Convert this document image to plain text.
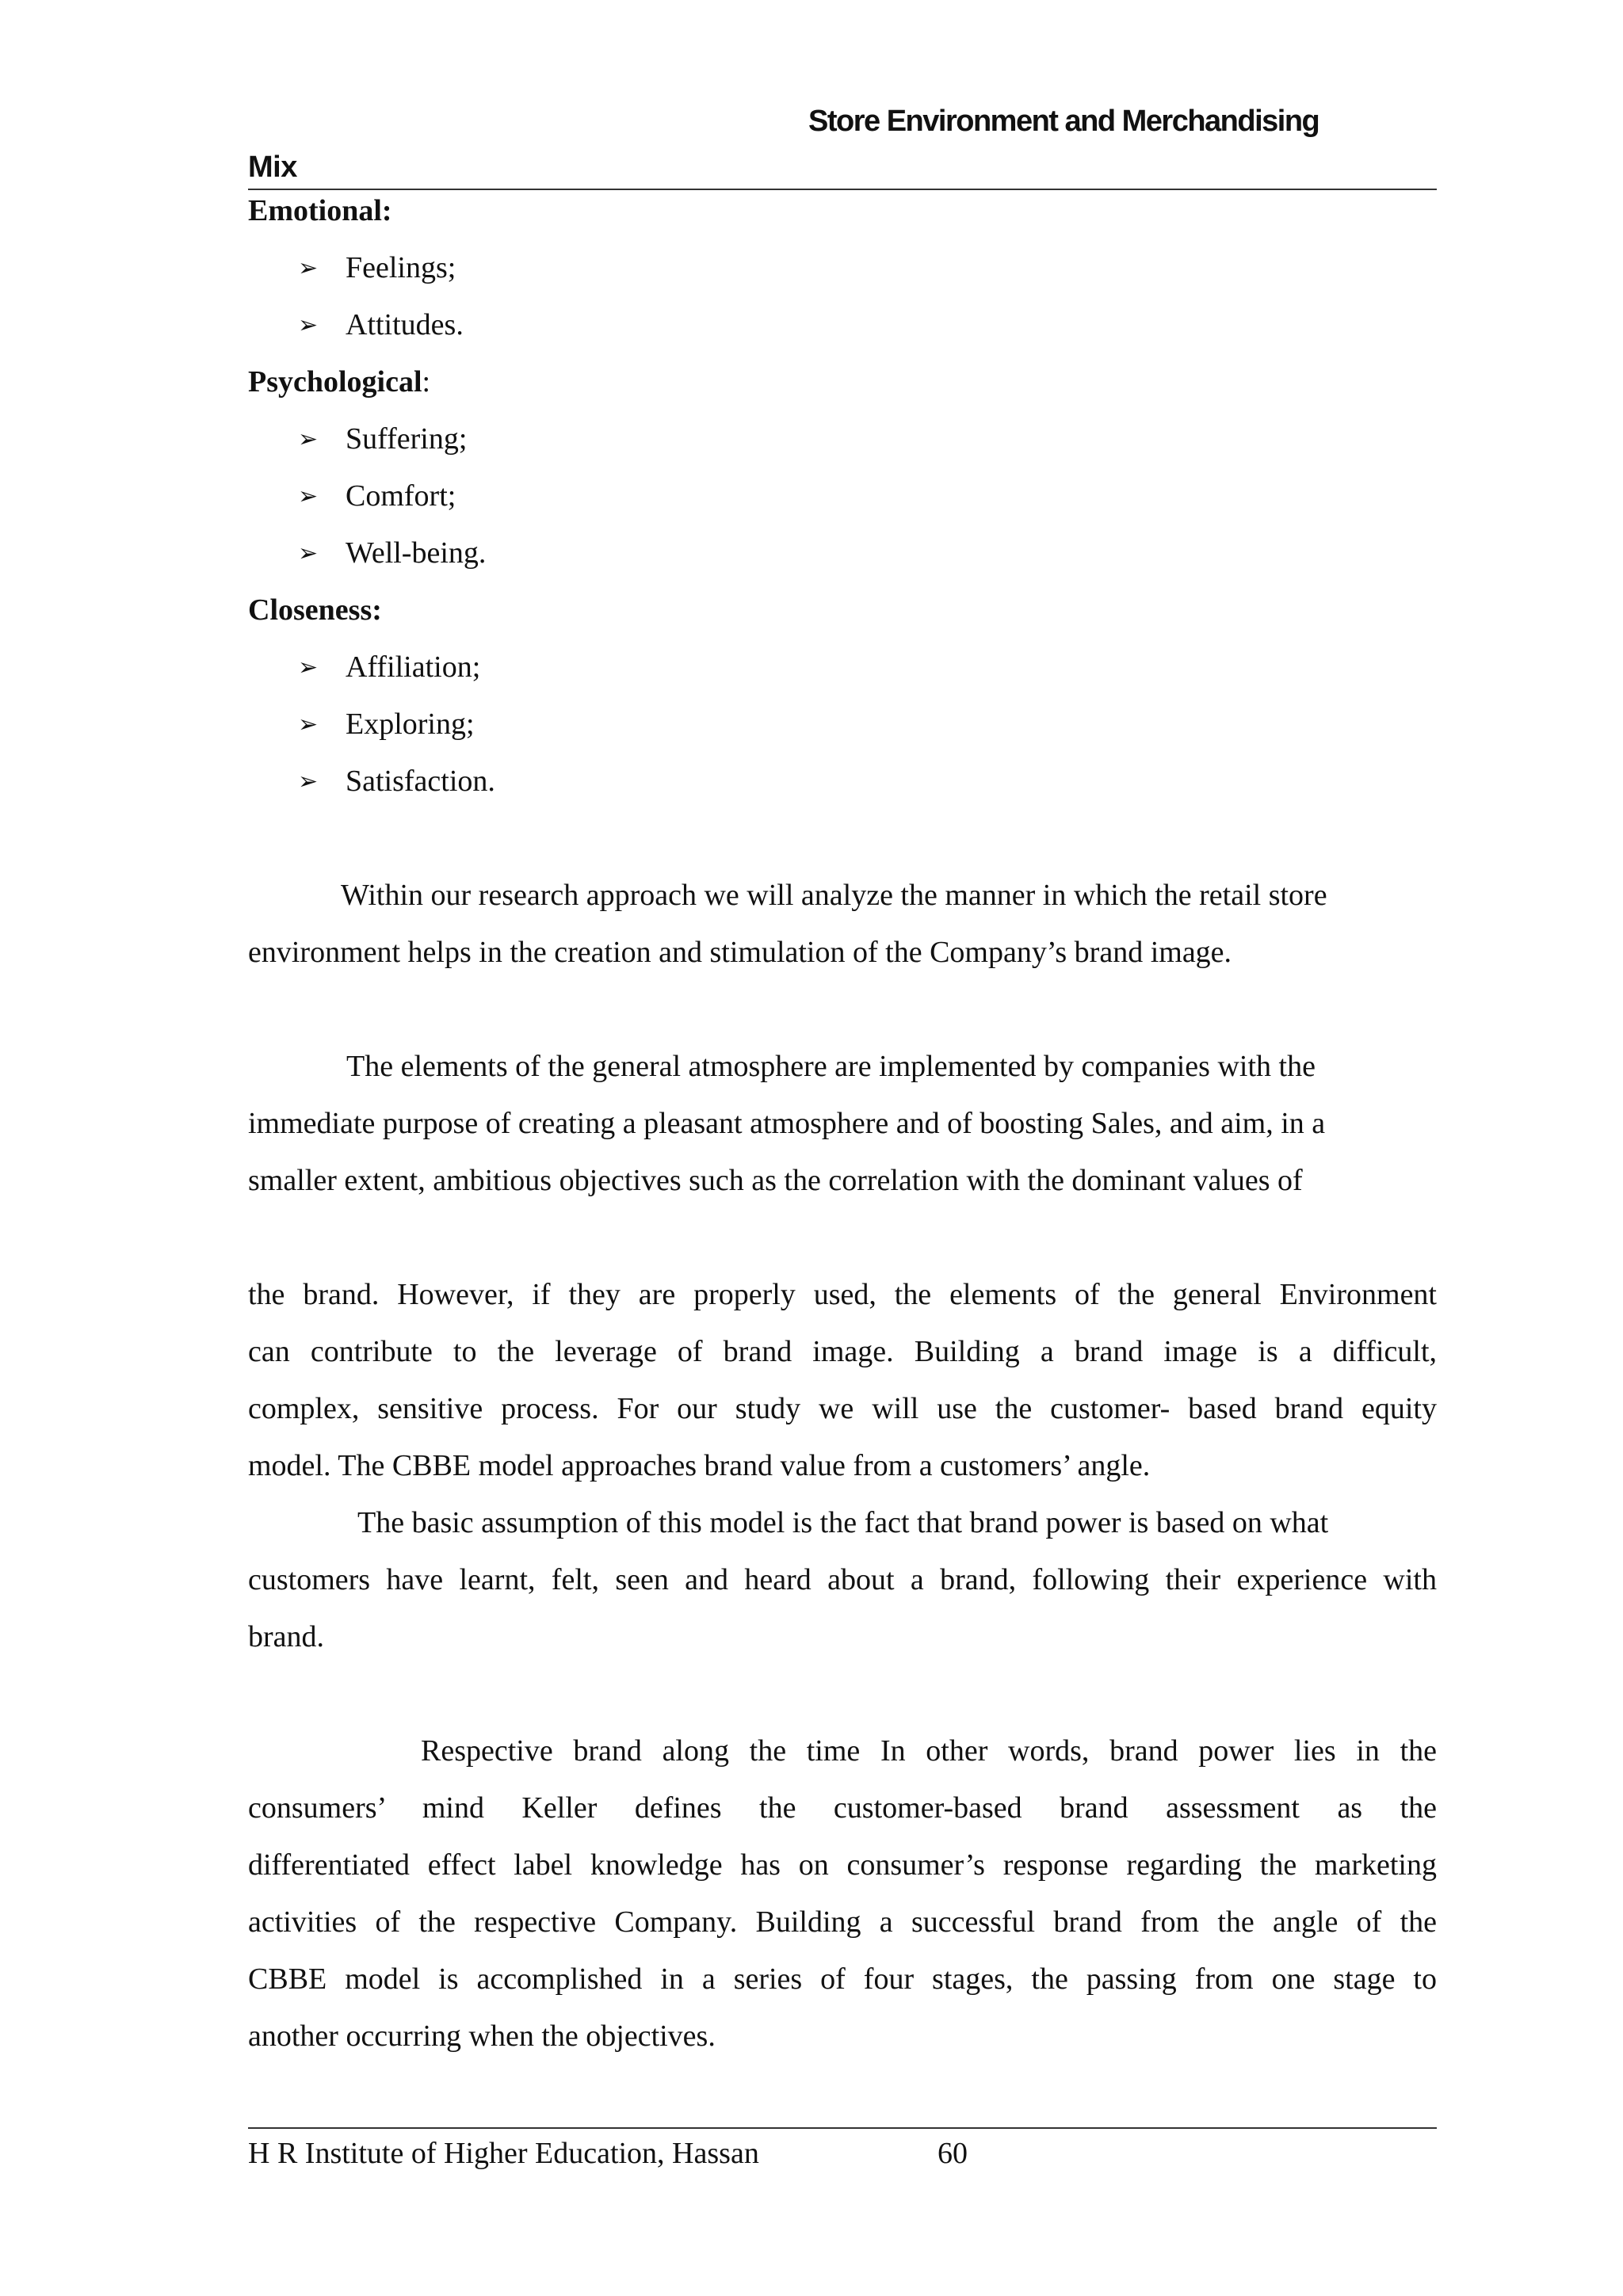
Store Environment and Merchandising
Mix
Emotional:
➢ Feelings;
➢ Attitudes.
Psychological:
➢ Suffering;
➢ Comfort;
➢ Well-being.
Closeness:
➢ Affiliation;
➢ Exploring;
➢ Satisfaction.
Within our research approach we will analyze the manner in which the retail store
environment helps in the creation and stimulation of the Company’s brand image.
The elements of the general atmosphere are implemented by companies with the
immediate purpose of creating a pleasant atmosphere and of boosting Sales, and aim, in a
smaller extent, ambitious objectives such as the correlation with the dominant values of
the brand. However, if they are properly used, the elements of the general Environment
can contribute to the leverage of brand image. Building a brand image is a difficult,
complex, sensitive process. For our study we will use the customer- based brand equity
model. The CBBE model approaches brand value from a customers’ angle.
The basic assumption of this model is the fact that brand power is based on what
customers have learnt, felt, seen and heard about a brand, following their experience with
brand.
Respective brand along the time In other words, brand power lies in the
consumers’ mind Keller defines the customer-based brand assessment as the
differentiated effect label knowledge has on consumer’s response regarding the marketing
activities of the respective Company. Building a successful brand from the angle of the
CBBE model is accomplished in a series of four stages, the passing from one stage to
another occurring when the objectives.
H R Institute of Higher Education, Hassan	60
